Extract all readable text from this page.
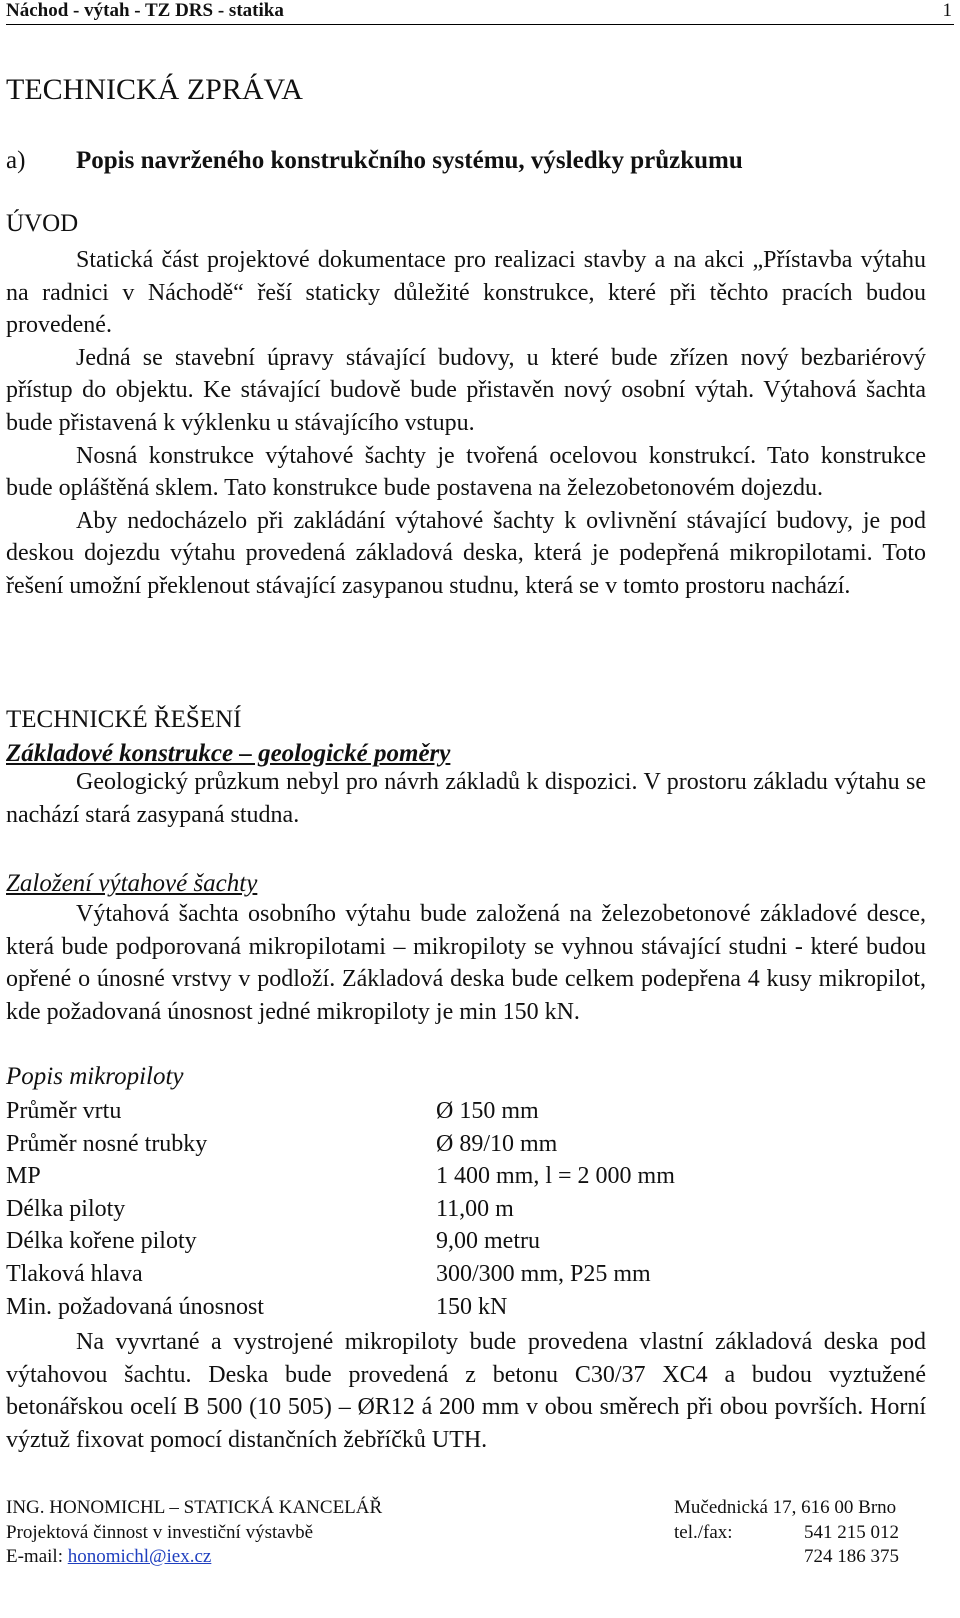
Náchod - výtah - TZ DRS - statika	1
TECHNICKÁ ZPRÁVA
a) Popis navrženého konstrukčního systému, výsledky průzkumu
ÚVOD

Statická část projektové dokumentace pro realizaci stavby a na akci „Přístavba výtahu na radnici v Náchodě“ řeší staticky důležité konstrukce, které při těchto pracích budou provedené.

Jedná se stavební úpravy stávající budovy, u které bude zřízen nový bezbariérový přístup do objektu. Ke stávající budově bude přistavěn nový osobní výtah. Výtahová šachta bude přistavená k výklenku u stávajícího vstupu.

Nosná konstrukce výtahové šachty je tvořená ocelovou konstrukcí. Tato konstrukce bude opláštěná sklem. Tato konstrukce bude postavena na železobetonovém dojezdu.

Aby nedocházelo při zakládání výtahové šachty k ovlivnění stávající budovy, je pod deskou dojezdu výtahu provedená základová deska, která je podepřená mikropilotami. Toto řešení umožní překlenout stávající zasypanou studnu, která se v tomto prostoru nachází.

TECHNICKÉ ŘEŠENÍ
Základové konstrukce – geologické poměry

Geologický průzkum nebyl pro návrh základů k dispozici. V prostoru základu výtahu se nachází stará zasypaná studna.

Založení výtahové šachty

Výtahová šachta osobního výtahu bude založená na železobetonové základové desce, která bude podporovaná mikropilotami – mikropiloty se vyhnou stávající studni - které budou opřené o únosné vrstvy v podloží. Základová deska bude celkem podepřena 4 kusy mikropilot, kde požadovaná únosnost jedné mikropiloty je min 150 kN.

Popis mikropiloty
Průměr vrtu	Ø 150 mm
Průměr nosné trubky	Ø 89/10 mm
MP	1 400 mm, l = 2 000 mm
Délka piloty	11,00 m
Délka kořene piloty	9,00 metru
Tlaková hlava	300/300 mm, P25 mm
Min. požadovaná únosnost	150 kN

Na vyvrtané a vystrojené mikropiloty bude provedena vlastní základová deska pod výtahovou šachtu. Deska bude provedená z betonu C30/37 XC4 a budou vyztužené betonářskou ocelí B 500 (10 505) – ØR12 á 200 mm v obou směrech při obou površích. Horní výztuž fixovat pomocí distančních žebříčků UTH.

ING. HONOMICHL – STATICKÁ KANCELÁŘ	Mučednická 17, 616 00 Brno
Projektová činnost v investiční výstavbě	tel./fax:	541 215 012
E-mail: honomichl@iex.cz	724 186 375
